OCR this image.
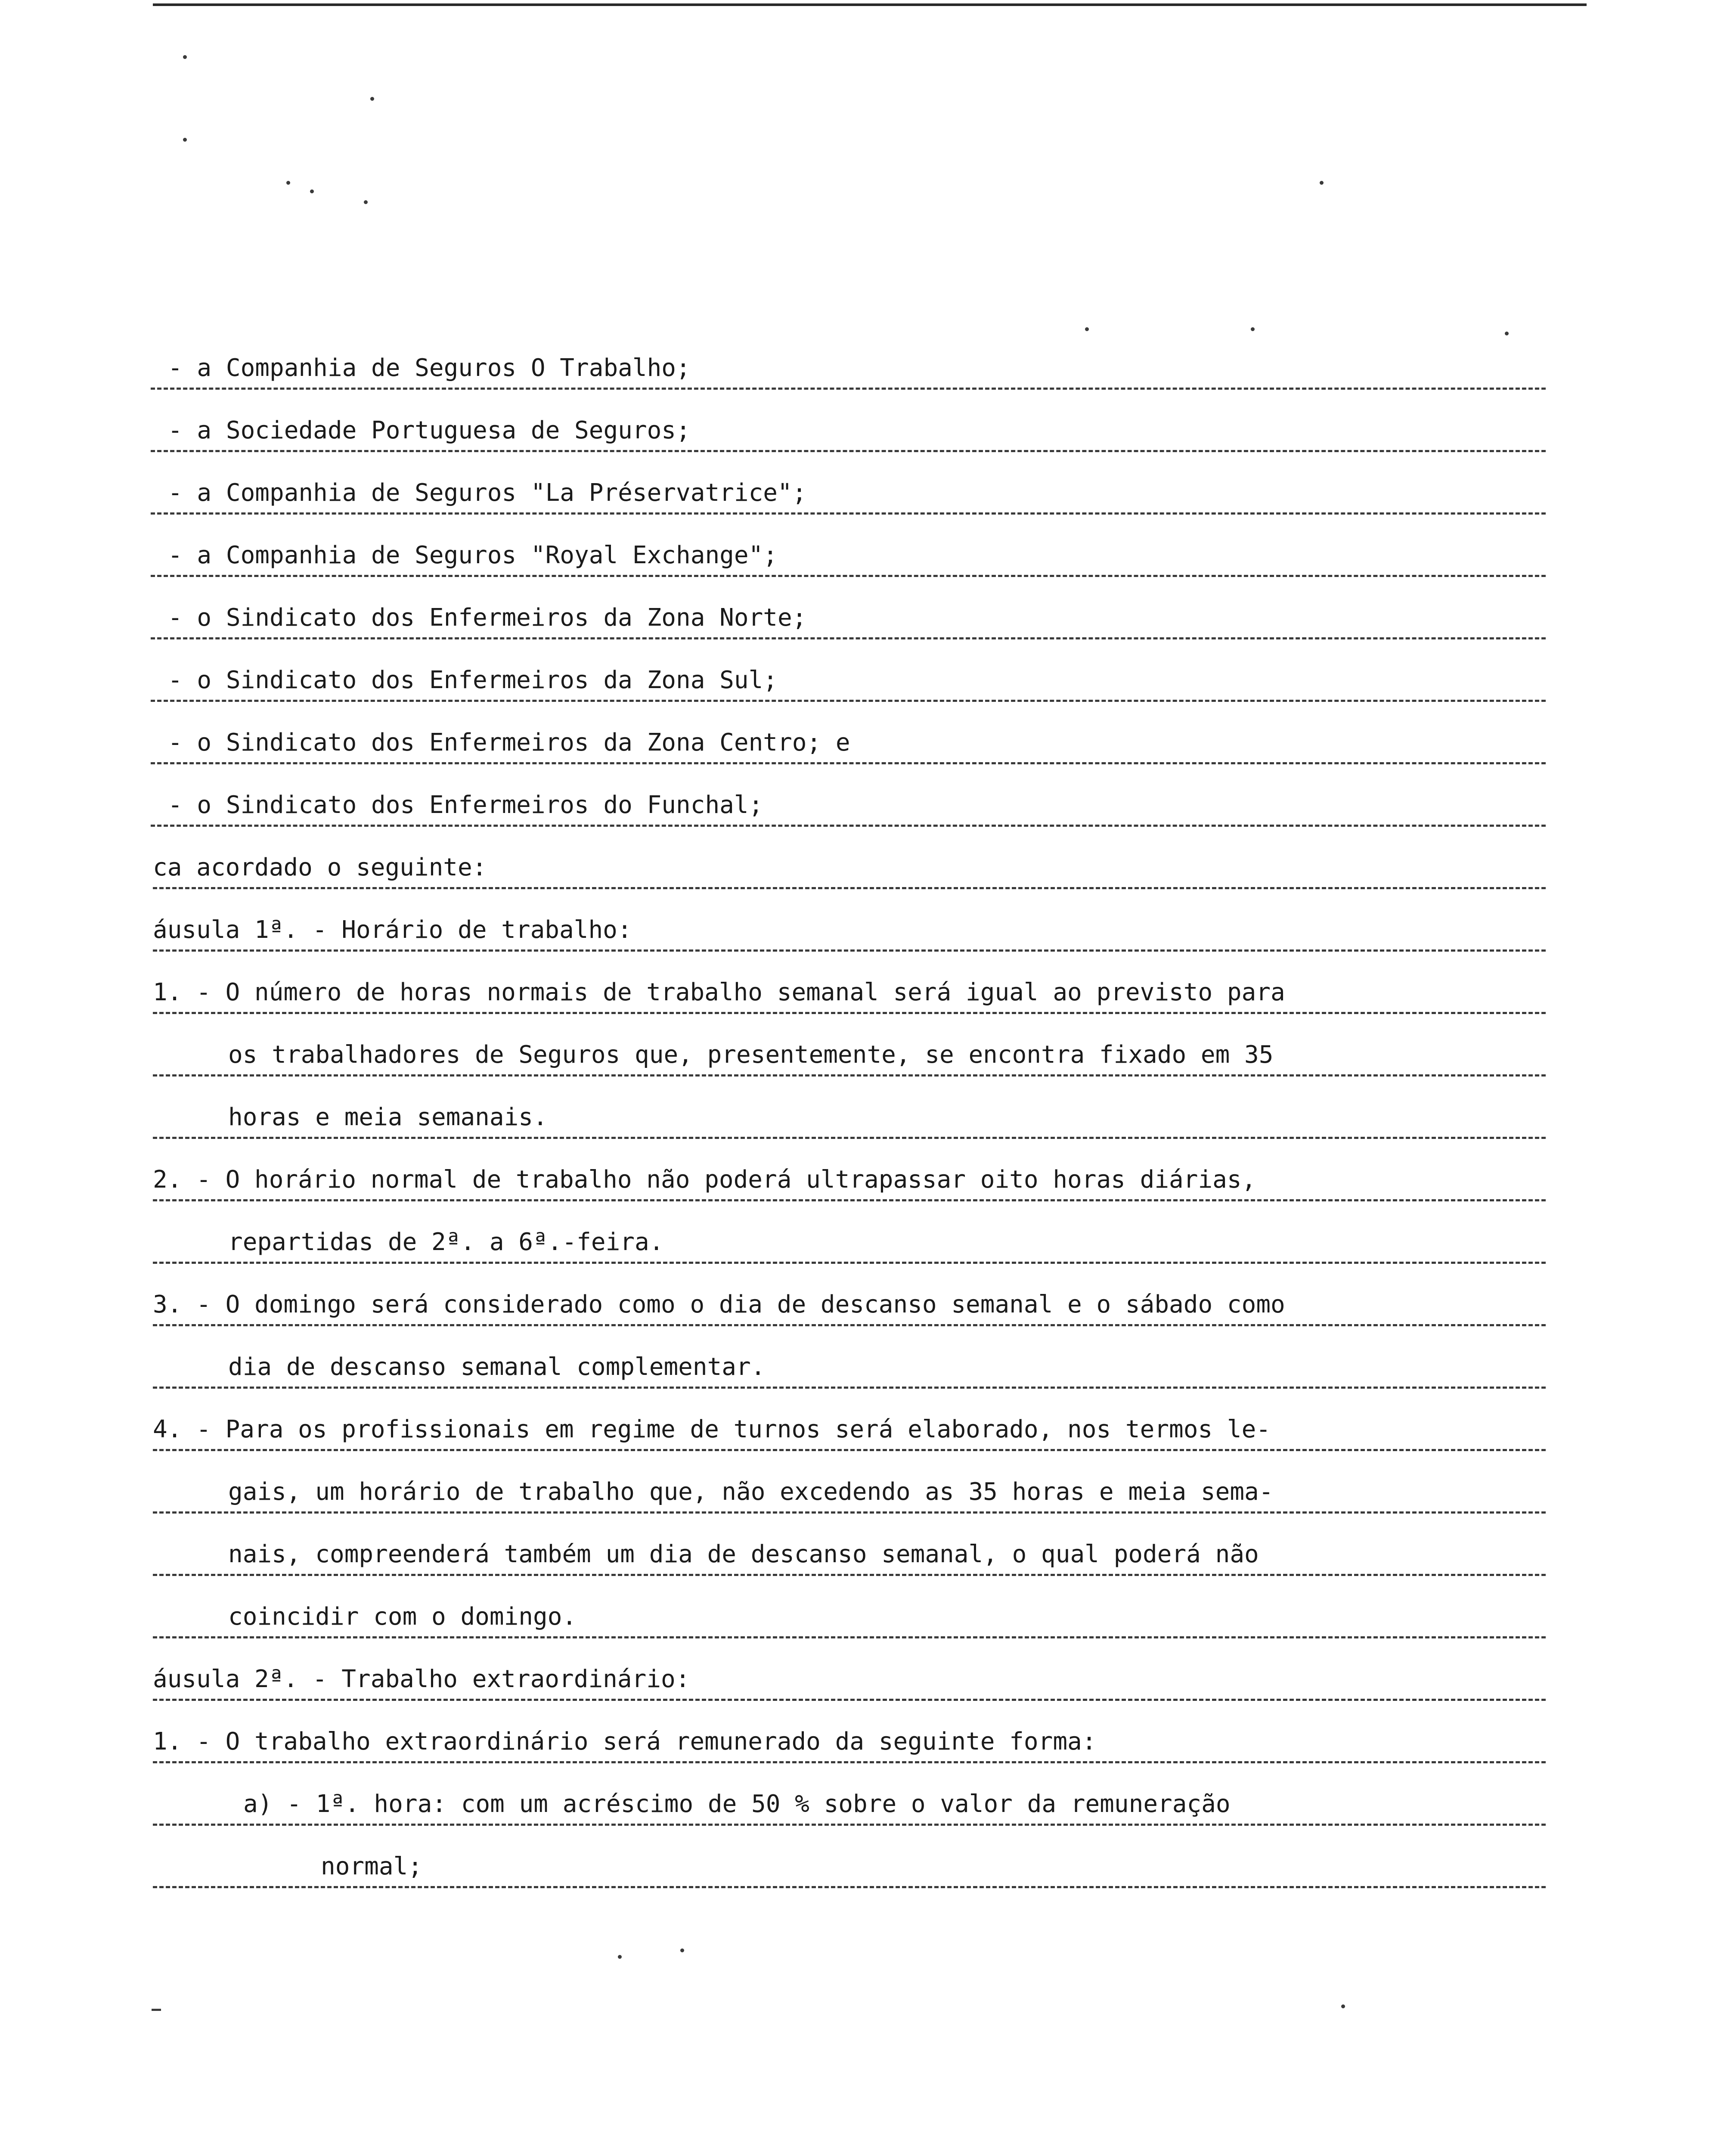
- a Companhia de Seguros O Trabalho;
- a Sociedade Portuguesa de Seguros;
- a Companhia de Seguros "La Préservatrice";
- a Companhia de Seguros "Royal Exchange";
- o Sindicato dos Enfermeiros da Zona Norte;
- o Sindicato dos Enfermeiros da Zona Sul;
- o Sindicato dos Enfermeiros da Zona Centro; e
- o Sindicato dos Enfermeiros do Funchal;
ca acordado o seguinte:
áusula 1ª. - Horário de trabalho:
1. - O número de horas normais de trabalho semanal será igual ao previsto para
os trabalhadores de Seguros que, presentemente, se encontra fixado em 35
horas e meia semanais.
2. - O horário normal de trabalho não poderá ultrapassar oito horas diárias,
repartidas de 2ª. a 6ª.-feira.
3. - O domingo será considerado como o dia de descanso semanal e o sábado como
dia de descanso semanal complementar.
4. - Para os profissionais em regime de turnos será elaborado, nos termos le-
gais, um horário de trabalho que, não excedendo as 35 horas e meia sema-
nais, compreenderá também um dia de descanso semanal, o qual poderá não
coincidir com o domingo.
áusula 2ª. - Trabalho extraordinário:
1. - O trabalho extraordinário será remunerado da seguinte forma:
a) - 1ª. hora: com um acréscimo de 50 % sobre o valor da remuneração
normal;
